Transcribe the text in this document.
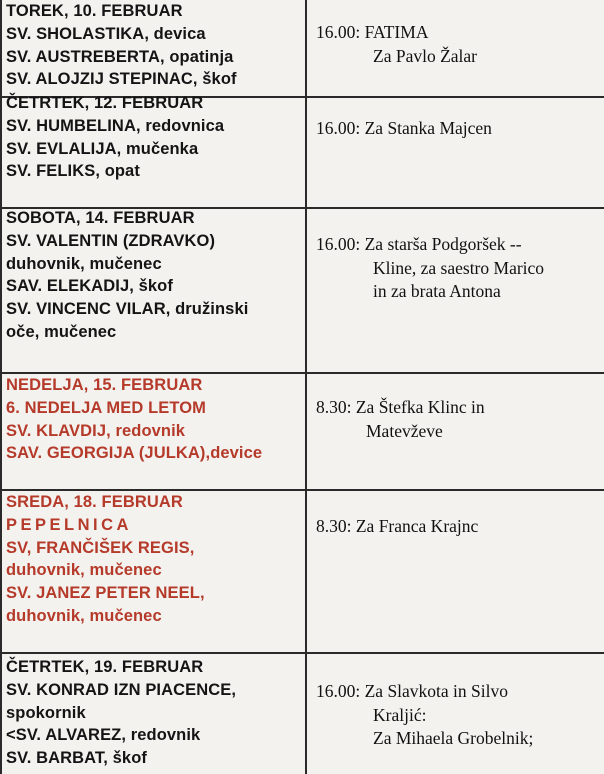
TOREK, 10. FEBRUAR
SV. SHOLASTIKA, devica
SV. AUSTREBERTA, opatinja
SV. ALOJZIJ STEPINAC, škof
16.00: FATIMA
Za Pavlo Žalar
ČETRTEK, 12. FEBRUAR
SV. HUMBELINA, redovnica
SV. EVLALIJA, mučenka
SV. FELIKS, opat
16.00: Za Stanka Majcen
SOBOTA, 14. FEBRUAR
SV. VALENTIN (ZDRAVKO)
duhovnik, mučenec
SAV. ELEKADIJ, škof
SV. VINCENC VILAR, družinski
oče, mučenec
16.00: Za staršа Podgoršek --
Kline, za saestro Marico
in za brata Antona
NEDELJA, 15. FEBRUAR
6. NEDELJA MED LETOM
SV. KLAVDIJ, redovnik
SAV. GEORGIJA (JULKA),device
8.30: Za Štefka Klinc in
Matevževe
SREDA, 18. FEBRUAR
PEPELNICA
SV, FRANČIŠEK REGIS,
duhovnik, mučenec
SV. JANEZ PETER NEEL,
duhovnik, mučenec
8.30: Za Franca Krajnc
ČETRTEK, 19. FEBRUAR
SV. KONRAD IZN PIACENCE,
spokornik
<SV. ALVAREZ, redovnik
SV. BARBAT, škof
16.00: Za Slavkota in Silvo
Kraljić:
Za Mihaela Grobelnik;
